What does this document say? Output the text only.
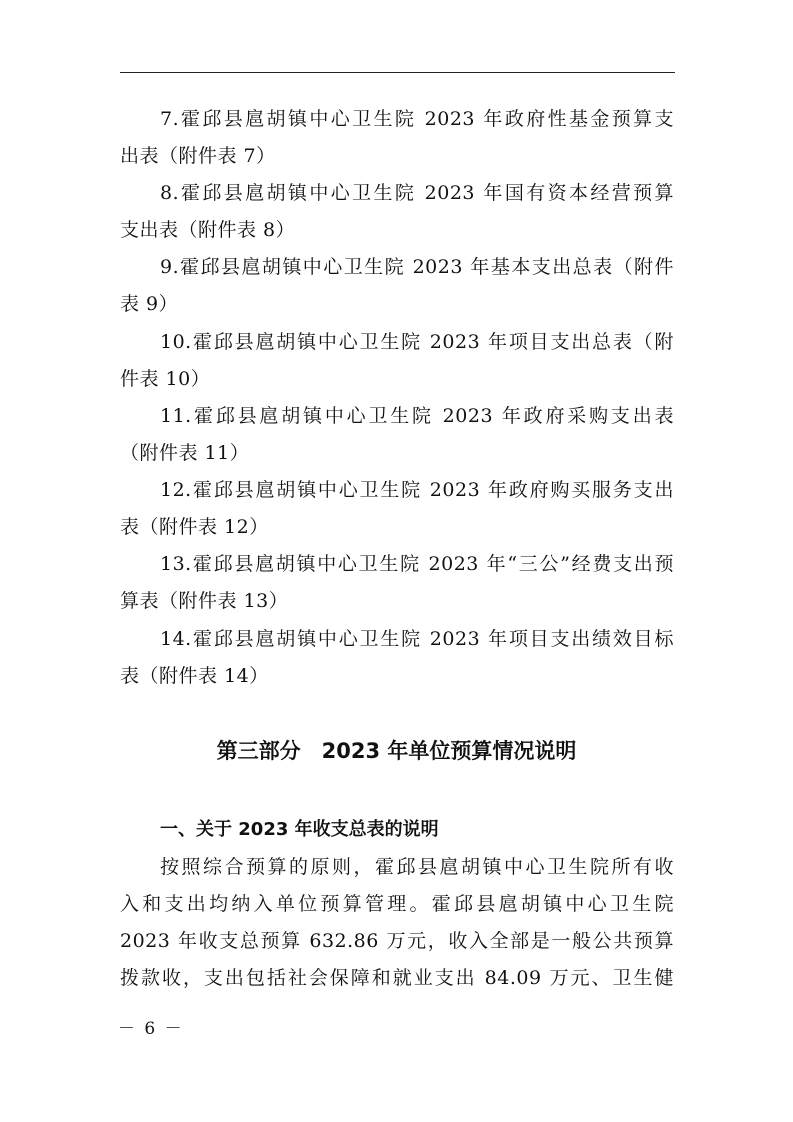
7.霍邱县扈胡镇中心卫生院 2023 年政府性基金预算支
出表（附件表 7）
8.霍邱县扈胡镇中心卫生院 2023 年国有资本经营预算
支出表（附件表 8）
9.霍邱县扈胡镇中心卫生院 2023 年基本支出总表（附件
表 9）
10.霍邱县扈胡镇中心卫生院 2023 年项目支出总表（附
件表 10）
11.霍邱县扈胡镇中心卫生院 2023 年政府采购支出表
（附件表 11）
12.霍邱县扈胡镇中心卫生院 2023 年政府购买服务支出
表（附件表 12）
13.霍邱县扈胡镇中心卫生院 2023 年“三公”经费支出预
算表（附件表 13）
14.霍邱县扈胡镇中心卫生院 2023 年项目支出绩效目标
表（附件表 14）
第三部分　2023 年单位预算情况说明
一、关于 2023 年收支总表的说明
按照综合预算的原则，霍邱县扈胡镇中心卫生院所有收
入和支出均纳入单位预算管理。霍邱县扈胡镇中心卫生院
2023 年收支总预算 632.86 万元，收入全部是一般公共预算
拨款收，支出包括社会保障和就业支出 84.09 万元、卫生健
－ 6 －
